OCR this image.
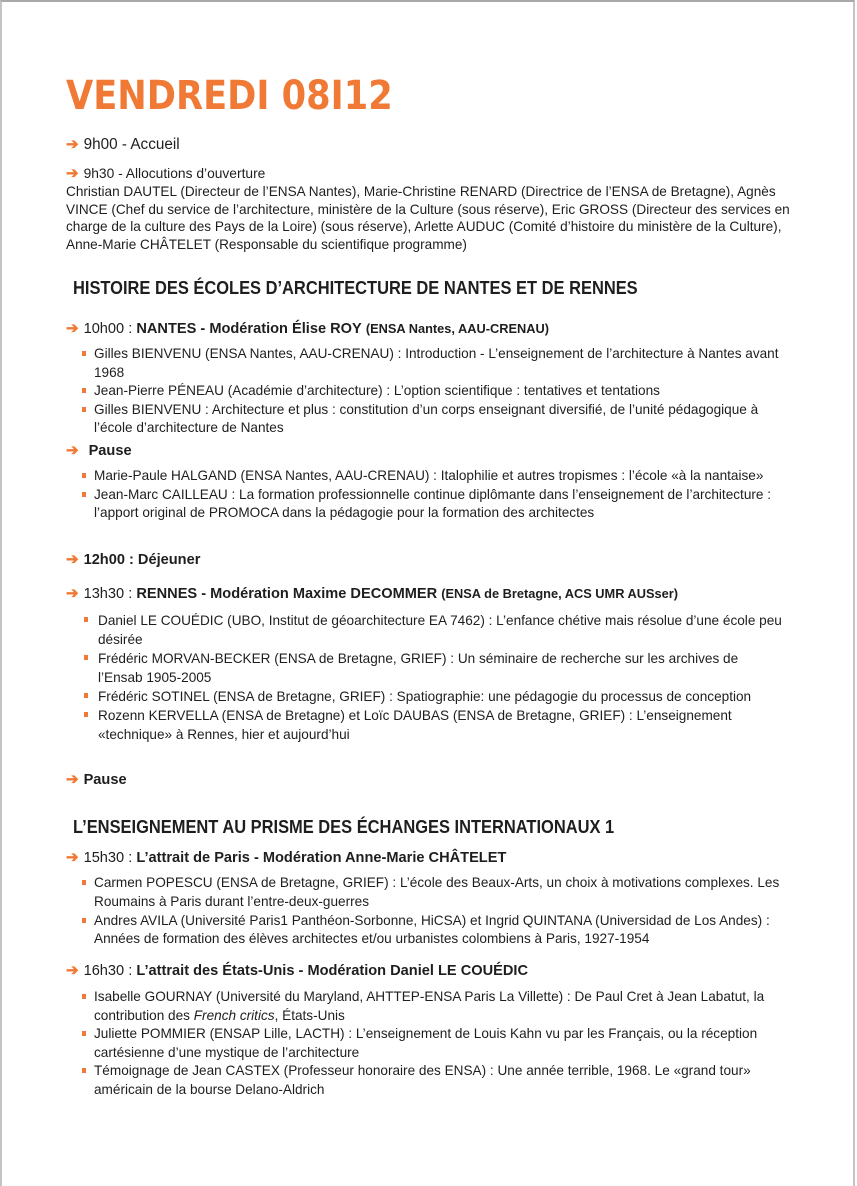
VENDREDI 08I12
➔ 9h00 - Accueil
➔ 9h30 - Allocutions d’ouverture
Christian DAUTEL (Directeur de l’ENSA Nantes), Marie-Christine RENARD (Directrice de l’ENSA de Bretagne), Agnès VINCE (Chef du service de l’architecture, ministère de la Culture (sous réserve), Eric GROSS (Directeur des services en charge de la culture des Pays de la Loire) (sous réserve), Arlette AUDUC (Comité d’histoire du ministère de la Culture), Anne-Marie CHÂTELET (Responsable du scientifique programme)
HISTOIRE DES ÉCOLES D’ARCHITECTURE DE NANTES ET DE RENNES
➔ 10h00 : NANTES - Modération Élise ROY (ENSA Nantes, AAU-CRENAU)
Gilles BIENVENU (ENSA Nantes, AAU-CRENAU) : Introduction - L’enseignement de l’architecture à Nantes avant 1968
Jean-Pierre PÉNEAU (Académie d’architecture) : L’option scientifique : tentatives et tentations
Gilles BIENVENU : Architecture et plus : constitution d’un corps enseignant diversifié, de l’unité pédagogique à l’école d’architecture de Nantes
➔ Pause
Marie-Paule HALGAND (ENSA Nantes, AAU-CRENAU) : Italophilie et autres tropismes : l’école «à la nantaise»
Jean-Marc CAILLEAU : La formation professionnelle continue diplômante dans l’enseignement de l’architecture : l’apport original de PROMOCA dans la pédagogie pour la formation des architectes
➔ 12h00 : Déjeuner
➔ 13h30 : RENNES - Modération Maxime DECOMMER (ENSA de Bretagne, ACS UMR AUSser)
Daniel LE COUÉDIC (UBO, Institut de géoarchitecture EA 7462) : L’enfance chétive mais résolue d’une école peu désirée
Frédéric MORVAN-BECKER (ENSA de Bretagne, GRIEF) : Un séminaire de recherche sur les archives de l’Ensab 1905-2005
Frédéric SOTINEL (ENSA de Bretagne, GRIEF) : Spatiographie: une pédagogie du processus de conception
Rozenn KERVELLA (ENSA de Bretagne) et Loïc DAUBAS (ENSA de Bretagne, GRIEF) : L’enseignement «technique» à Rennes, hier et aujourd’hui
➔ Pause
L’ENSEIGNEMENT AU PRISME DES ÉCHANGES INTERNATIONAUX 1
➔ 15h30 : L’attrait de Paris - Modération Anne-Marie CHÂTELET
Carmen POPESCU (ENSA de Bretagne, GRIEF) : L’école des Beaux-Arts, un choix à motivations complexes. Les Roumains à Paris durant l’entre-deux-guerres
Andres AVILA (Université Paris1 Panthéon-Sorbonne, HiCSA) et Ingrid QUINTANA (Universidad de Los Andes) : Années de formation des élèves architectes et/ou urbanistes colombiens à Paris, 1927-1954
➔ 16h30 : L’attrait des États-Unis - Modération Daniel LE COUÉDIC
Isabelle GOURNAY (Université du Maryland, AHTTEP-ENSA Paris La Villette) : De Paul Cret à Jean Labatut, la contribution des French critics, États-Unis
Juliette POMMIER (ENSAP Lille, LACTH) : L’enseignement de Louis Kahn vu par les Français, ou la réception cartésienne d’une mystique de l’architecture
Témoignage de Jean CASTEX (Professeur honoraire des ENSA) : Une année terrible, 1968. Le «grand tour» américain de la bourse Delano-Aldrich
